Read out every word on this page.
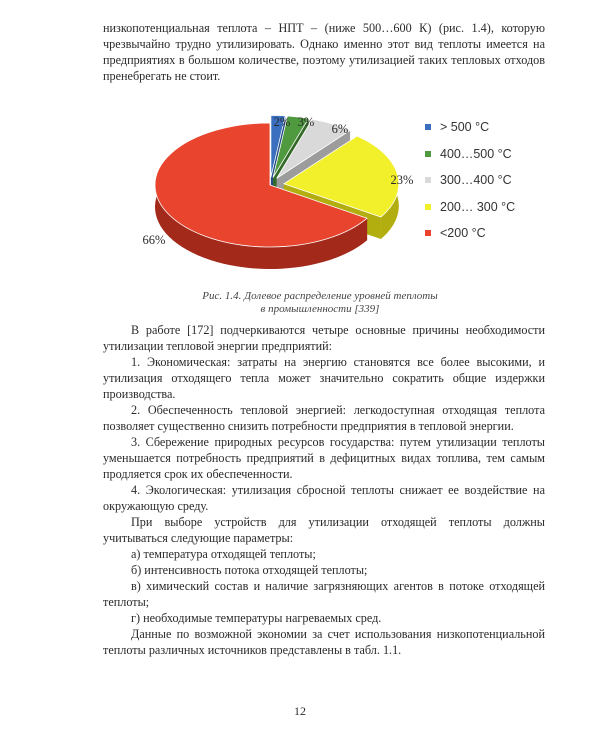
низкопотенциальная теплота – НПТ – (ниже 500…600 К) (рис. 1.4), которую чрезвычайно трудно утилизировать. Однако именно этот вид теплоты имеется на предприятиях в большом количестве, поэтому утилизацией таких тепловых отходов пренебрегать не стоит.

2% 3% 6%
23%
66%
> 500 °С
400…500 °С
300…400 °С
200… 300 °С
<200 °С
Рис. 1.4. Долевое распределение уровней теплоты
в промышленности [339]

В работе [172] подчеркиваются четыре основные причины необходимости утилизации тепловой энергии предприятий:

1. Экономическая: затраты на энергию становятся все более высокими, и утилизация отходящего тепла может значительно сократить общие издержки производства.

2. Обеспеченность тепловой энергией: легкодоступная отходящая теплота позволяет существенно снизить потребности предприятия в тепловой энергии.

3. Сбережение природных ресурсов государства: путем утилизации теплоты уменьшается потребность предприятий в дефицитных видах топлива, тем самым продляется срок их обеспеченности.

4. Экологическая: утилизация сбросной теплоты снижает ее воздействие на окружающую среду.

При выборе устройств для утилизации отходящей теплоты должны учитываться следующие параметры:

а) температура отходящей теплоты;

б) интенсивность потока отходящей теплоты;

в) химический состав и наличие загрязняющих агентов в потоке отходящей теплоты;

г) необходимые температуры нагреваемых сред.

Данные по возможной экономии за счет использования низкопотенциальной теплоты различных источников представлены в табл. 1.1.

12
